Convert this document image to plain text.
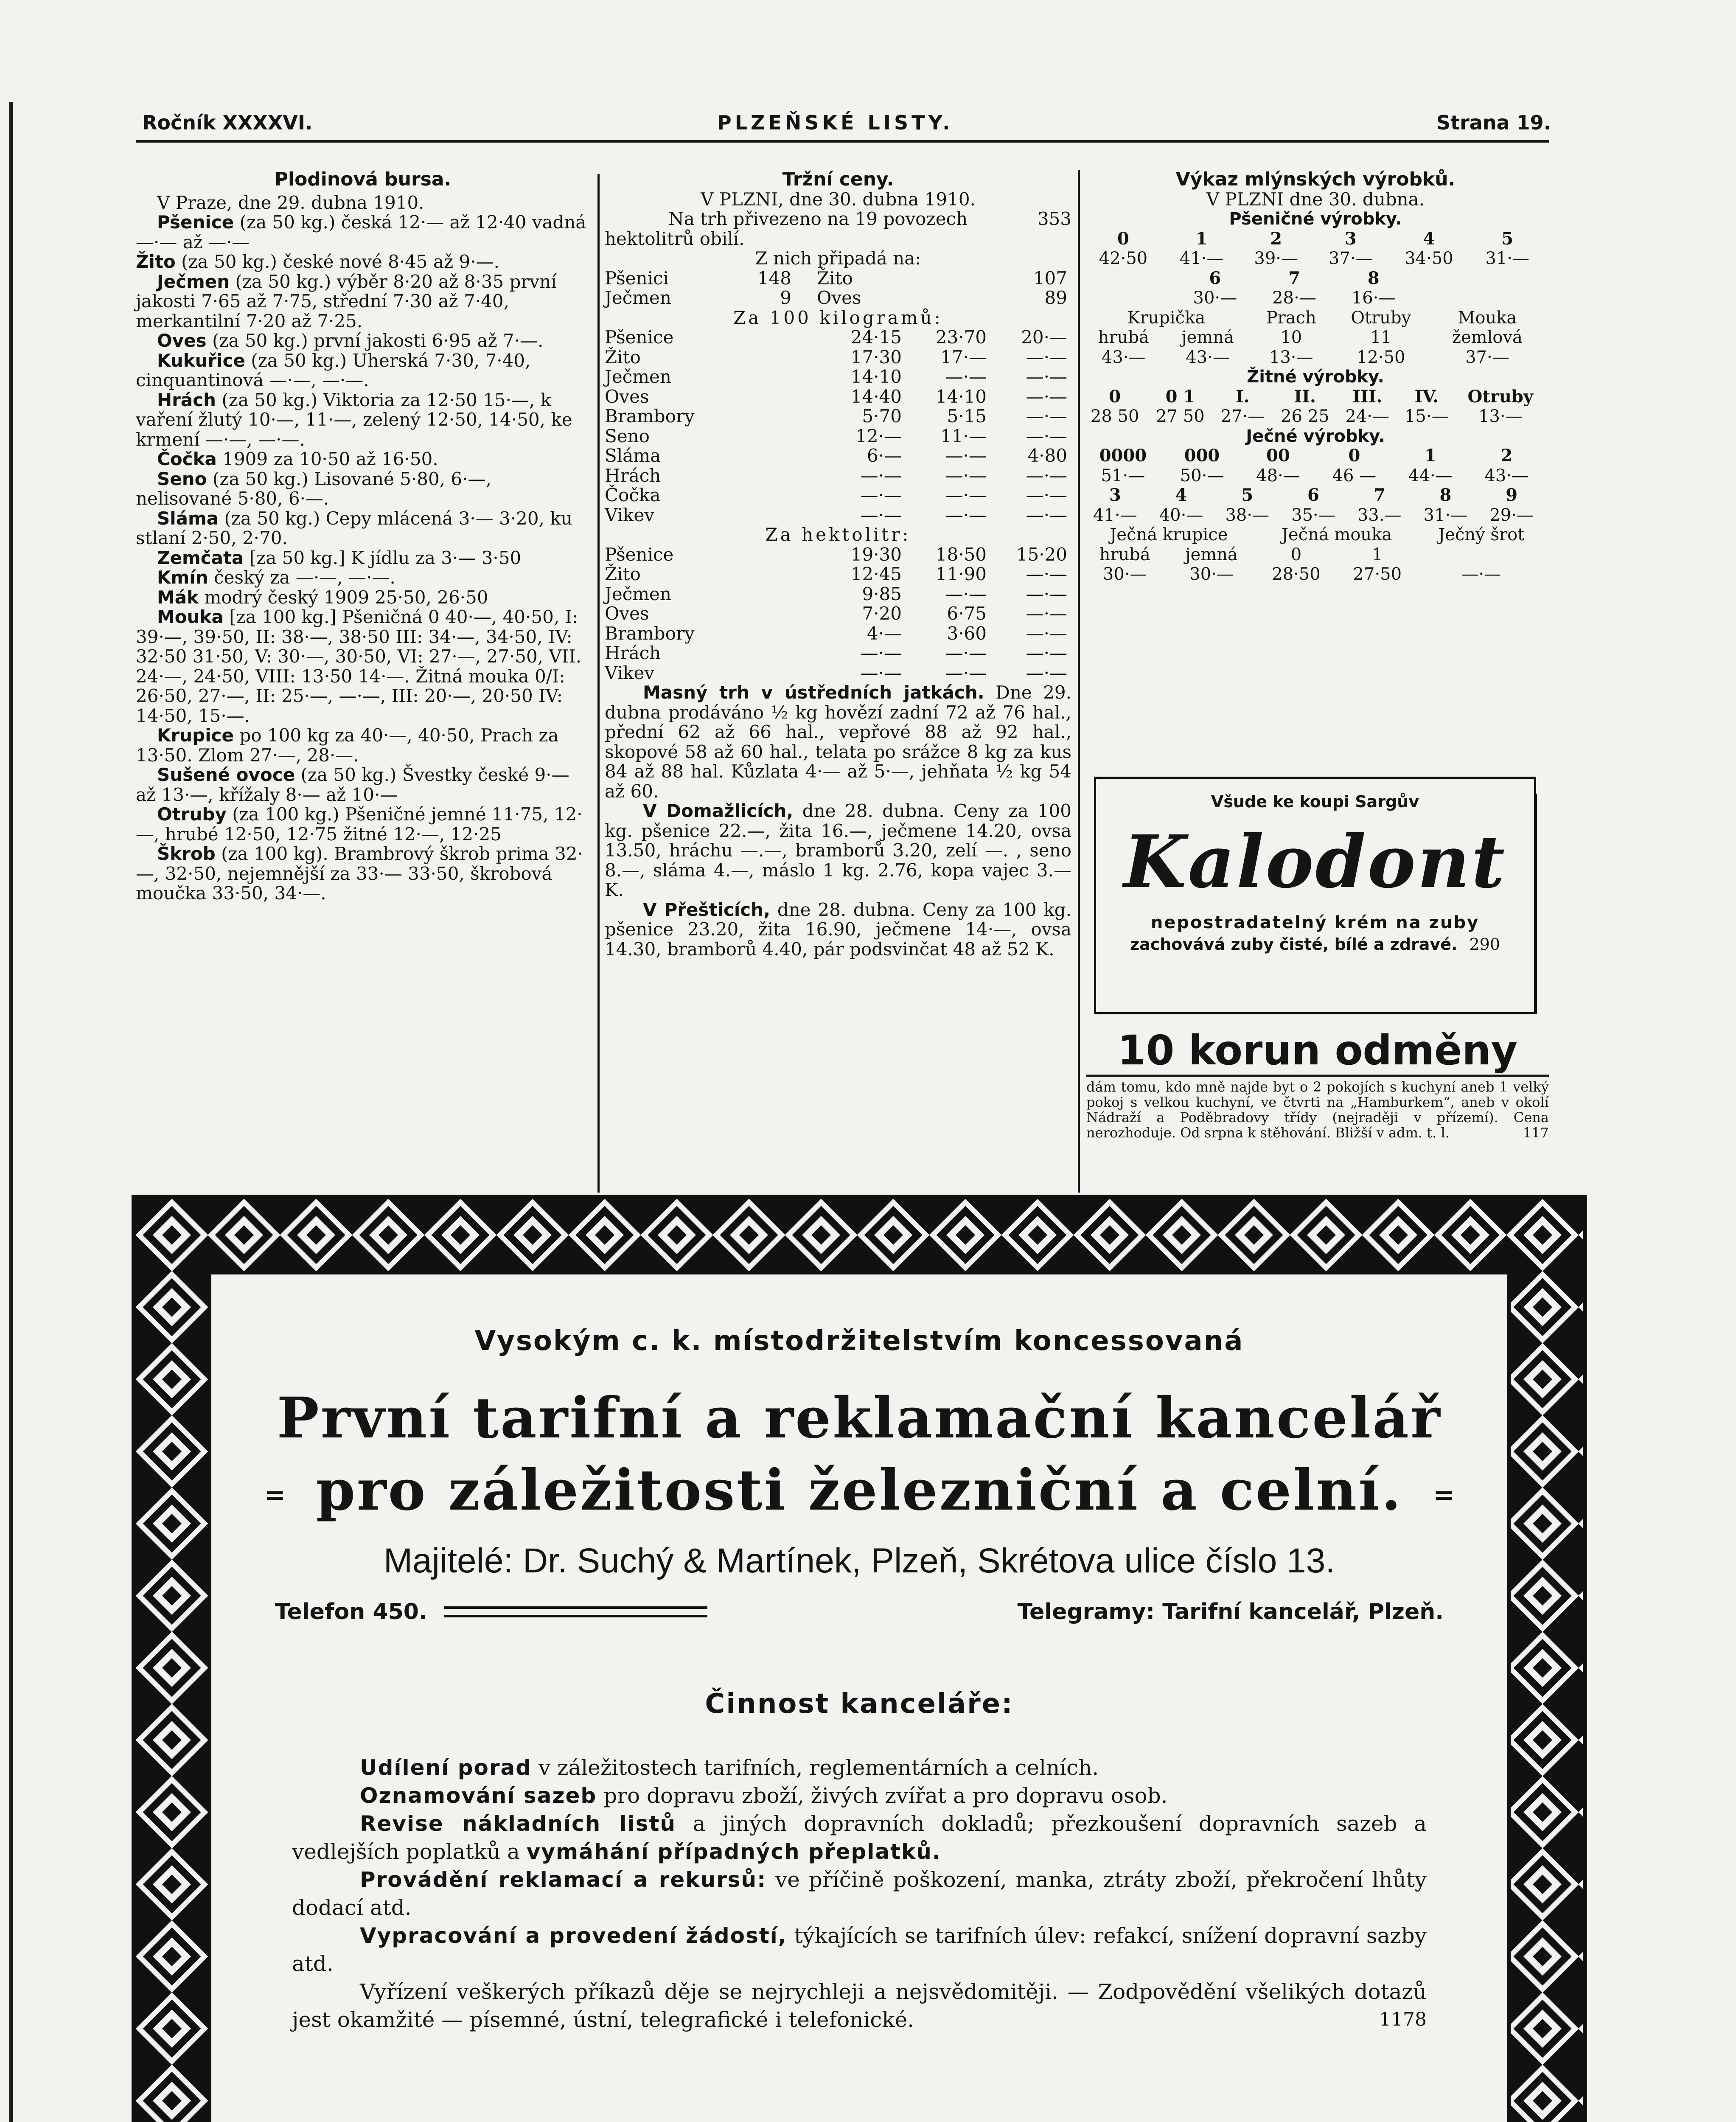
Ročník XXXXVI.	PLZEŇSKÉ LISTY.	Strana 19.
Plodinová bursa.

V Praze, dne 29. dubna 1910.

Pšenice (za 50 kg.) česká 12·— až 12·40 vadná —·— až —·—

Žito (za 50 kg.) české nové 8·45 až 9·—.

Ječmen (za 50 kg.) výběr 8·20 až 8·35 první jakosti 7·65 až 7·75, střední 7·30 až 7·40, merkantilní 7·20 až 7·25.

Oves (za 50 kg.) první jakosti 6·95 až 7·—.

Kukuřice (za 50 kg.) Uherská 7·30, 7·40, cinquantinová —·—, —·—.

Hrách (za 50 kg.) Viktoria za 12·50 15·—, k vaření žlutý 10·—, 11·—, zelený 12·50, 14·50, ke krmení —·—, —·—.

Čočka 1909 za 10·50 až 16·50.

Seno (za 50 kg.) Lisované 5·80, 6·—, nelisované 5·80, 6·—.

Sláma (za 50 kg.) Cepy mlácená 3·— 3·20, ku stlaní 2·50, 2·70.

Zemčata [za 50 kg.] K jídlu za 3·— 3·50

Kmín český za —·—, —·—.

Mák modrý český 1909 25·50, 26·50

Mouka [za 100 kg.] Pšeničná 0 40·—, 40·50, I: 39·—, 39·50, II: 38·—, 38·50 III: 34·—, 34·50, IV: 32·50 31·50, V: 30·—, 30·50, VI: 27·—, 27·50, VII. 24·—, 24·50, VIII: 13·50 14·—. Žitná mouka 0/I: 26·50, 27·—, II: 25·—, —·—, III: 20·—, 20·50 IV: 14·50, 15·—.

Krupice po 100 kg za 40·—, 40·50, Prach za 13·50. Zlom 27·—, 28·—.

Sušené ovoce (za 50 kg.) Švestky české 9·— až 13·—, křížaly 8·— až 10·—

Otruby (za 100 kg.) Pšeničné jemné 11·75, 12·—, hrubé 12·50, 12·75 žitné 12·—, 12·25

Škrob (za 100 kg). Brambrový škrob prima 32·—, 32·50, nejemnější za 33·— 33·50, škrobová moučka 33·50, 34·—.

Tržní ceny.
V PLZNI, dne 30. dubna 1910.
Na trh přivezeno na 19 povozech	353
hektolitrů obilí.
Z nich připadá na:
Pšenici	148	Žito	107
Ječmen	9	Oves	89
Za 100 kilogramů:
Pšenice	24·15	23·70	20·—
Žito	17·30	17·—	—·—
Ječmen	14·10	—·—	—·—
Oves	14·40	14·10	—·—
Brambory	5·70	5·15	—·—
Seno	12·—	11·—	—·—
Sláma	6·—	—·—	4·80
Hrách	—·—	—·—	—·—
Čočka	—·—	—·—	—·—
Vikev	—·—	—·—	—·—
Za hektolitr:
Pšenice	19·30	18·50	15·20
Žito	12·45	11·90	—·—
Ječmen	9·85	—·—	—·—
Oves	7·20	6·75	—·—
Brambory	4·—	3·60	—·—
Hrách	—·—	—·—	—·—
Vikev	—·—	—·—	—·—

Masný trh v ústředních jatkách. Dne 29. dubna prodáváno ½ kg hovězí zadní 72 až 76 hal., přední 62 až 66 hal., vepřové 88 až 92 hal., skopové 58 až 60 hal., telata po srážce 8 kg za kus 84 až 88 hal. Kůzlata 4·— až 5·—, jehňata ½ kg 54 až 60.

V Domažlicích, dne 28. dubna. Ceny za 100 kg. pšenice 22.—, žita 16.—, ječmene 14.20, ovsa 13.50, hráchu —.—, bramborů 3.20, zelí —. , seno 8.—, sláma 4.—, máslo 1 kg. 2.76, kopa vajec 3.— K.

V Přešticích, dne 28. dubna. Ceny za 100 kg. pšenice 23.20, žita 16.90, ječmene 14·—, ovsa 14.30, bramborů 4.40, pár podsvinčat 48 až 52 K.

Výkaz mlýnských výrobků.
V PLZNI dne 30. dubna.
Pšeničné výrobky.
0	1	2	3	4	5
42·50	41·—	39·—	37·—	34·50	31·—
6	7	8
30·—	28·—	16·—
Krupička		Prach	Otruby	Mouka
hrubá	jemná	10	11	žemlová
43·—	43·—	13·—	12·50	37·—
Žitné výrobky.
0	0 1	I.	II.	III.	IV.	Otruby
28 50	27 50	27·—	26 25	24·—	15·—	13·—
Ječné výrobky.
0000	000	00	0	1	2
51·—	50·—	48·—	46 —	44·—	43·—
3	4	5	6	7	8	9
41·—	40·—	38·—	35·—	33.—	31·—	29·—
Ječná krupice		Ječná mouka		Ječný šrot
hrubá	jemná	0	1	
30·—	30·—	28·50	27·50	—·—
Všude ke koupi Sargův
Kalodont
nepostradatelný krém na zuby
zachovává zuby čisté, bílé a zdravé. 290
10 korun odměny

dám tomu, kdo mně najde byt o 2 pokojích s kuchyní aneb 1 velký pokoj s velkou kuchyní, ve čtvrti na „Hamburkem“, aneb v okolí Nádraží a Poděbradovy třídy (nejraději v přízemí). Cena nerozhoduje. Od srpna k stěhování. Bližší v adm. t. l.	117

Vysokým c. k. místodržitelstvím koncessovaná
První tarifní a reklamační kancelář
= pro záležitosti železniční a celní. =
Majitelé: Dr. Suchý & Martínek, Plzeň, Skrétova ulice číslo 13.
Telefon 450.	Telegramy: Tarifní kancelář, Plzeň.
Činnost kanceláře:

Udílení porad v záležitostech tarifních, reglementárních a celních.

Oznamování sazeb pro dopravu zboží, živých zvířat a pro dopravu osob.

Revise nákladních listů a jiných dopravních dokladů; přezkoušení dopravních sazeb a vedlejších poplatků a vymáhání případných přeplatků.

Provádění reklamací a rekursů: ve příčině poškození, manka, ztráty zboží, překročení lhůty dodací atd.

Vypracování a provedení žádostí, týkajících se tarifních úlev: refakcí, snížení dopravní sazby atd.

Vyřízení veškerých příkazů děje se nejrychleji a nejsvědomitěji. — Zodpovědění všelikých dotazů jest okamžité — písemné, ústní, telegrafické i telefonické.	1178
